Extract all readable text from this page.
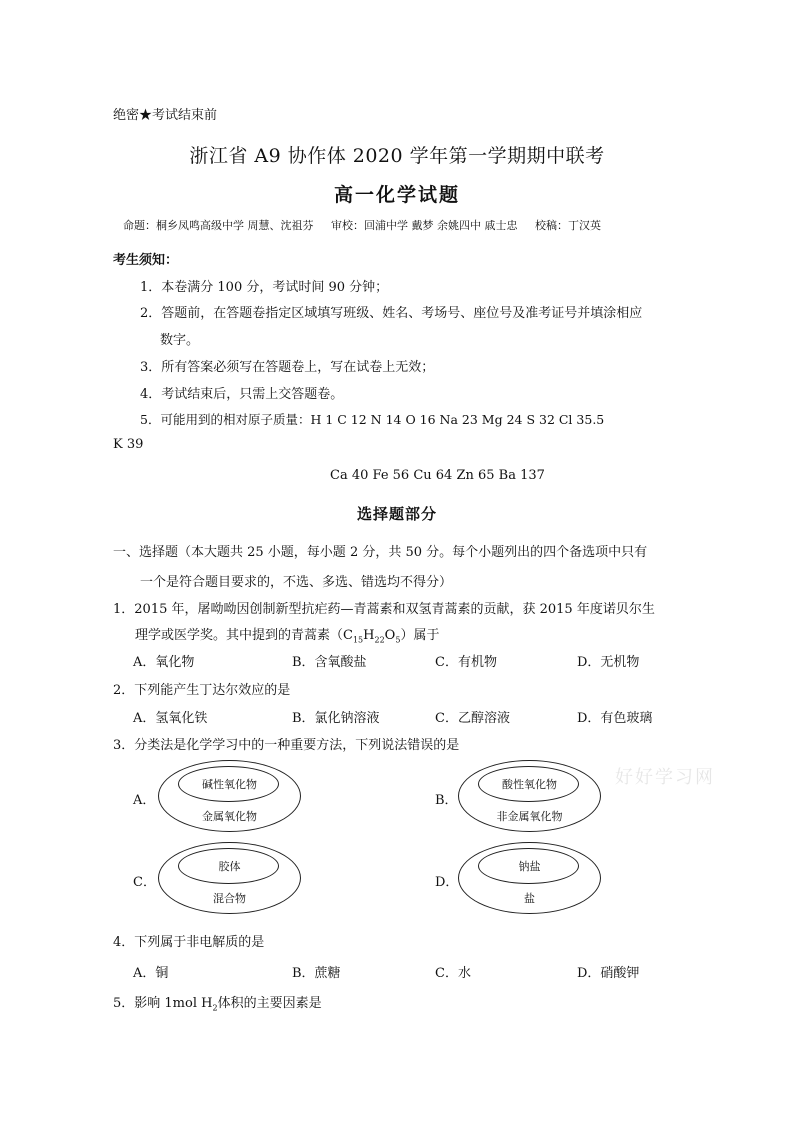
绝密★考试结束前
浙江省 A9 协作体 2020 学年第一学期期中联考
高一化学试题
命题：桐乡凤鸣高级中学 周慧、沈祖芬 审校：回浦中学 戴梦 余姚四中 戚士忠 校稿：丁汉英
考生须知：
1．本卷满分 100 分，考试时间 90 分钟；
2．答题前，在答题卷指定区域填写班级、姓名、考场号、座位号及准考证号并填涂相应
数字。
3．所有答案必须写在答题卷上，写在试卷上无效；
4．考试结束后，只需上交答题卷。
5．可能用到的相对原子质量：H 1 C 12 N 14 O 16 Na 23 Mg 24 S 32 Cl 35.5
K 39
Ca 40 Fe 56 Cu 64 Zn 65 Ba 137
选择题部分
一、选择题（本大题共 25 小题，每小题 2 分，共 50 分。每个小题列出的四个备选项中只有
一个是符合题目要求的，不选、多选、错选均不得分）
1．2015 年，屠呦呦因创制新型抗疟药—青蒿素和双氢青蒿素的贡献，获 2015 年度诺贝尔生
理学或医学奖。其中提到的青蒿素$(C_{15}H_{22}O_5)$属于
A．氧化物	B．含氧酸盐	C．有机物	D．无机物
2．下列能产生丁达尔效应的是
A．氢氧化铁	B．氯化钠溶液	C．乙醇溶液	D．有色玻璃
3．分类法是化学学习中的一种重要方法，下列说法错误的是
A．
碱性氧化物
金属氧化物
B．
酸性氧化物
非金属氧化物
C．
胶体
混合物
D．
钠盐
盐
好好学习网
4．下列属于非电解质的是
A．铜	B．蔗糖	C．水	D．硝酸钾
5．影响 1mol $H_2$体积的主要因素是
